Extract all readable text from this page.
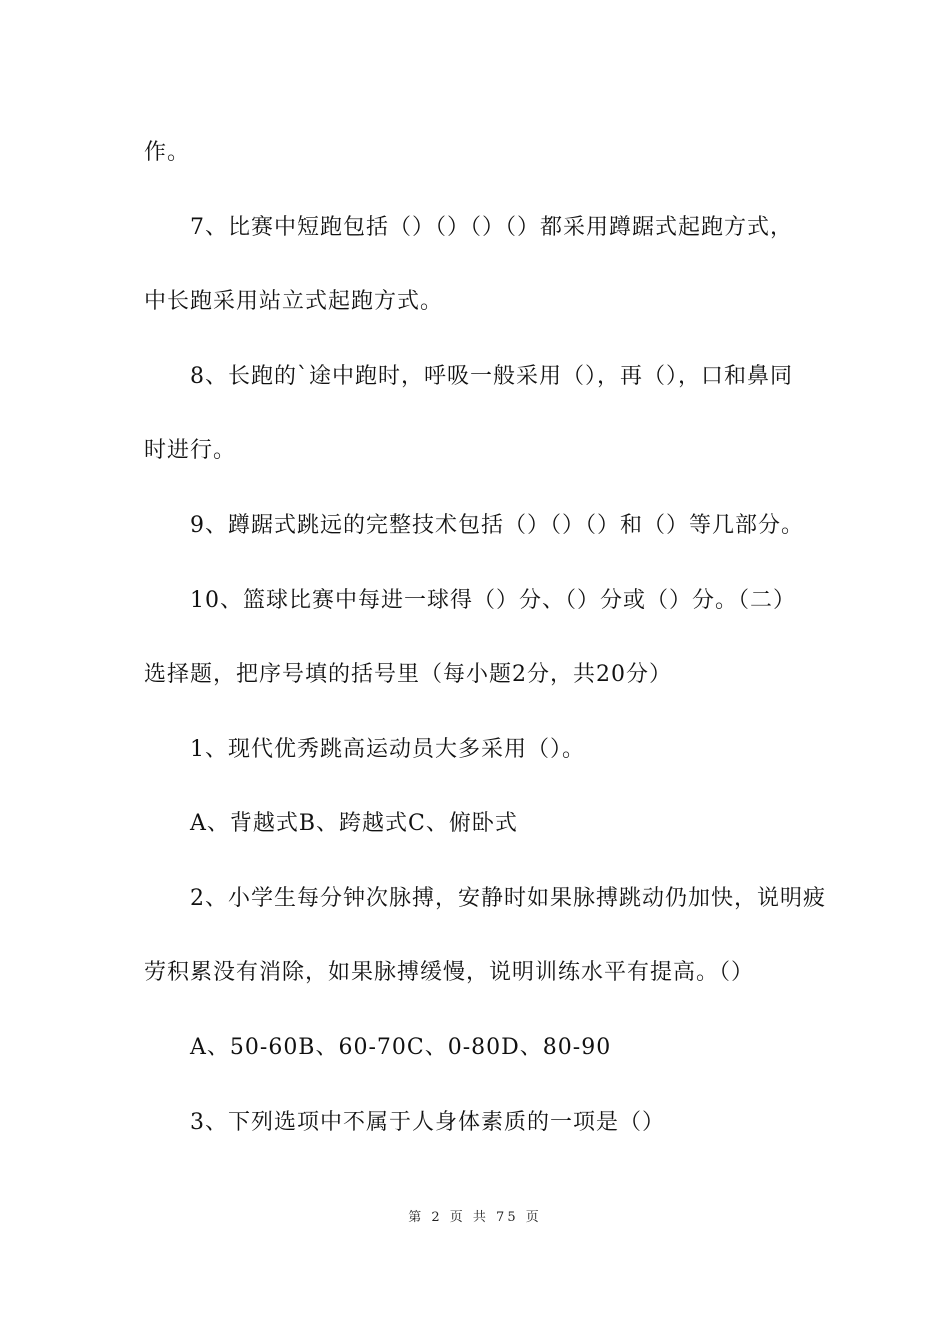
作。

7、比赛中短跑包括（）（）（）（）都采用蹲踞式起跑方式，

中长跑采用站立式起跑方式。

8、长跑的`途中跑时，呼吸一般采用（），再（），口和鼻同

时进行。

9、蹲踞式跳远的完整技术包括（）（）（）和（）等几部分。

10、篮球比赛中每进一球得（）分、（）分或（）分。（二）

选择题，把序号填的括号里（每小题2分，共20分）

1、现代优秀跳高运动员大多采用（）。

A、背越式B、跨越式C、俯卧式

2、小学生每分钟次脉搏，安静时如果脉搏跳动仍加快，说明疲

劳积累没有消除，如果脉搏缓慢，说明训练水平有提高。（）

A、50-60B、60-70C、0-80D、80-90

3、下列选项中不属于人身体素质的一项是（）

第 2 页 共 75 页
